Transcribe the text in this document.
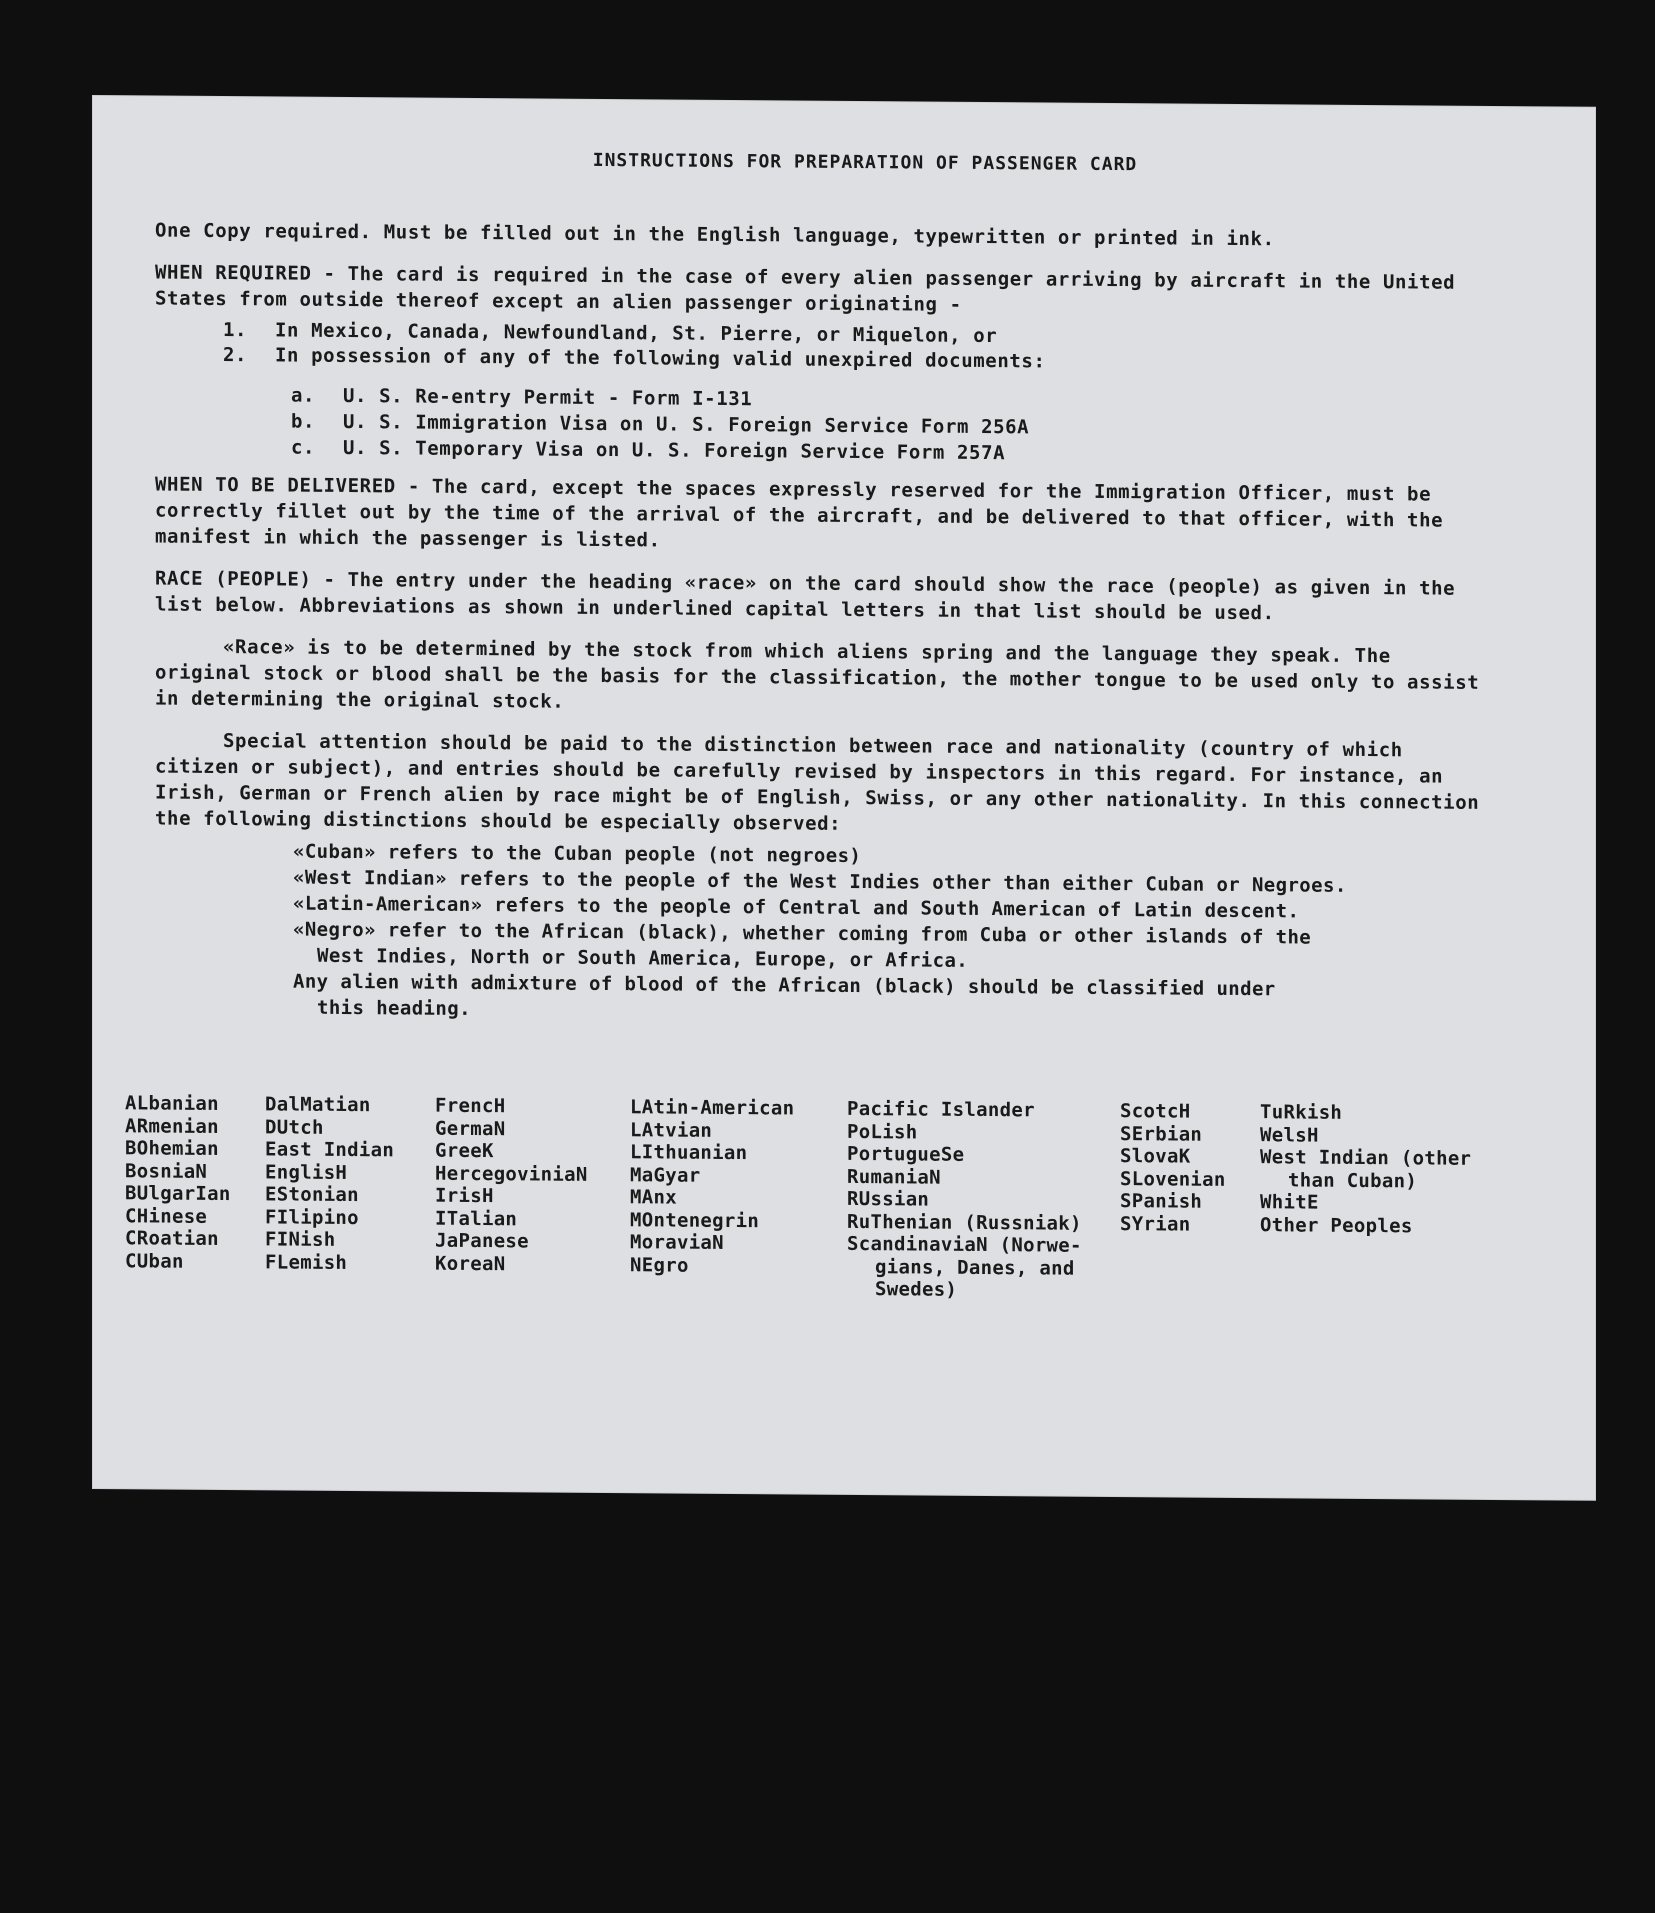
INSTRUCTIONS FOR PREPARATION OF PASSENGER CARD

One Copy required. Must be filled out in the English language, typewritten or printed in ink.

WHEN REQUIRED - The card is required in the case of every alien passenger arriving by aircraft in the United States from outside thereof except an alien passenger originating -

1. In Mexico, Canada, Newfoundland, St. Pierre, or Miquelon, or
2. In possession of any of the following valid unexpired documents:
a. U. S. Re-entry Permit - Form I-131
b. U. S. Immigration Visa on U. S. Foreign Service Form 256A
c. U. S. Temporary Visa on U. S. Foreign Service Form 257A

WHEN TO BE DELIVERED - The card, except the spaces expressly reserved for the Immigration Officer, must be correctly fillet out by the time of the arrival of the aircraft, and be delivered to that officer, with the manifest in which the passenger is listed.

RACE (PEOPLE) - The entry under the heading «race» on the card should show the race (people) as given in the list below. Abbreviations as shown in underlined capital letters in that list should be used.

«Race» is to be determined by the stock from which aliens spring and the language they speak. The original stock or blood shall be the basis for the classification, the mother tongue to be used only to assist in determining the original stock.

Special attention should be paid to the distinction between race and nationality (country of which citizen or subject), and entries should be carefully revised by inspectors in this regard. For instance, an Irish, German or French alien by race might be of English, Swiss, or any other nationality. In this connection the following distinctions should be especially observed:

«Cuban» refers to the Cuban people (not negroes)
«West Indian» refers to the people of the West Indies other than either Cuban or Negroes.
«Latin-American» refers to the people of Central and South American of Latin descent.
«Negro» refer to the African (black), whether coming from Cuba or other islands of the
West Indies, North or South America, Europe, or Africa.
Any alien with admixture of blood of the African (black) should be classified under
this heading.
ALbanian
ARmenian
BOhemian
BosniaN
BUlgarIan
CHinese
CRoatian
CUban
DalMatian
DUtch
East Indian
EnglisH
EStonian
FIlipino
FINish
FLemish
FrencH
GermaN
GreeK
HercegoviniaN
IrisH
ITalian
JaPanese
KoreaN
LAtin-American
LAtvian
LIthuanian
MaGyar
MAnx
MOntenegrin
MoraviaN
NEgro
Pacific Islander
PoLish
PortugueSe
RumaniaN
RUssian
RuThenian (Russniak)
ScandinaviaN (Norwe-
gians, Danes, and
Swedes)
ScotcH
SErbian
SlovaK
SLovenian
SPanish
SYrian
TuRkish
WelsH
West Indian (other
than Cuban)
WhitE
Other Peoples
